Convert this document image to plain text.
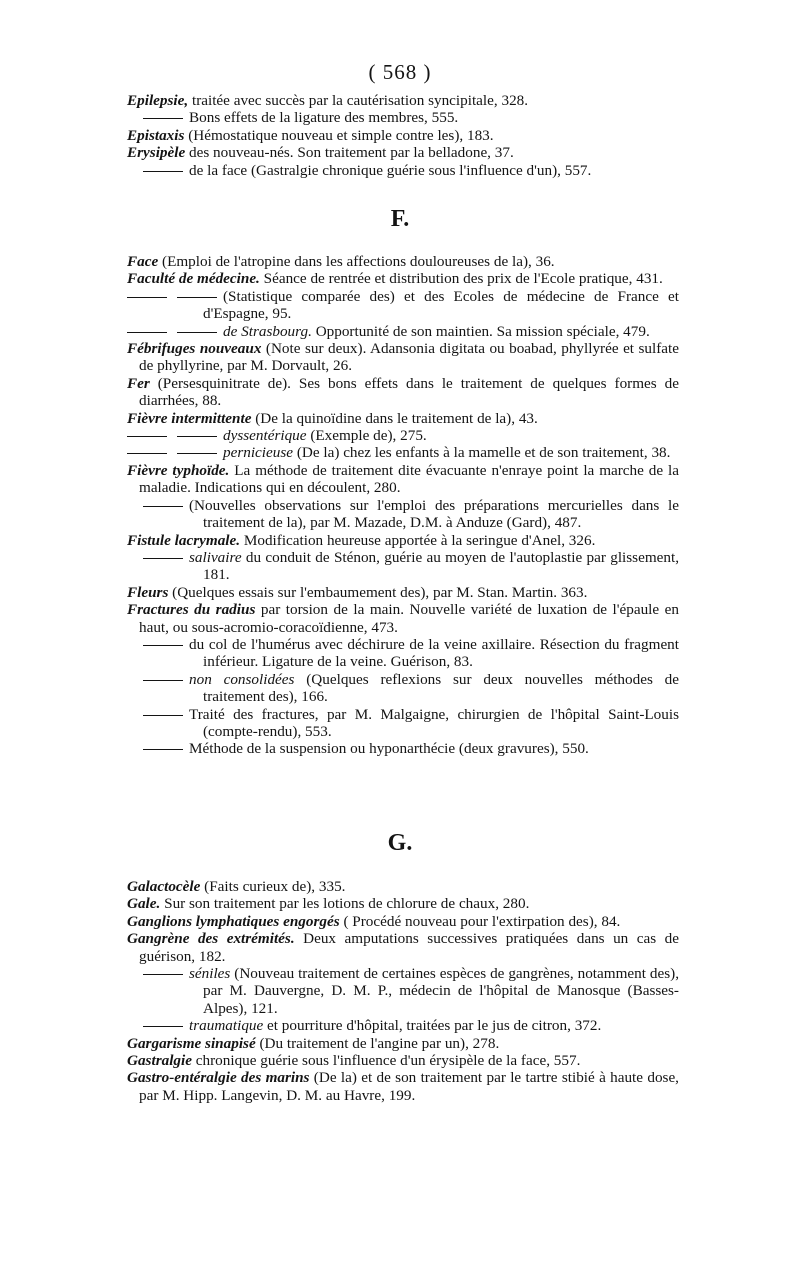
( 568 )

Epilepsie, traitée avec succès par la cautérisation syncipitale, 328.

Bons effets de la ligature des membres, 555.

Epistaxis (Hémostatique nouveau et simple contre les), 183.

Erysipèle des nouveau-nés. Son traitement par la belladone, 37.

de la face (Gastralgie chronique guérie sous l'influence d'un), 557.

F.

Face (Emploi de l'atropine dans les affections douloureuses de la), 36.

Faculté de médecine. Séance de rentrée et distribution des prix de l'Ecole pratique, 431.

(Statistique comparée des) et des Ecoles de médecine de France et d'Espagne, 95.

de Strasbourg. Opportunité de son maintien. Sa mission spéciale, 479.

Fébrifuges nouveaux (Note sur deux). Adansonia digitata ou boabad, phyllyrée et sulfate de phyllyrine, par M. Dorvault, 26.

Fer (Persesquinitrate de). Ses bons effets dans le traitement de quelques formes de diarrhées, 88.

Fièvre intermittente (De la quinoïdine dans le traitement de la), 43.

dyssentérique (Exemple de), 275.

pernicieuse (De la) chez les enfants à la mamelle et de son traitement, 38.

Fièvre typhoïde. La méthode de traitement dite évacuante n'enraye point la marche de la maladie. Indications qui en découlent, 280.

(Nouvelles observations sur l'emploi des préparations mercurielles dans le traitement de la), par M. Mazade, D.M. à Anduze (Gard), 487.

Fistule lacrymale. Modification heureuse apportée à la seringue d'Anel, 326.

salivaire du conduit de Sténon, guérie au moyen de l'autoplastie par glissement, 181.

Fleurs (Quelques essais sur l'embaumement des), par M. Stan. Martin. 363.

Fractures du radius par torsion de la main. Nouvelle variété de luxation de l'épaule en haut, ou sous-acromio-coracoïdienne, 473.

du col de l'humérus avec déchirure de la veine axillaire. Résection du fragment inférieur. Ligature de la veine. Guérison, 83.

non consolidées (Quelques reflexions sur deux nouvelles méthodes de traitement des), 166.

Traité des fractures, par M. Malgaigne, chirurgien de l'hôpital Saint-Louis (compte-rendu), 553.

Méthode de la suspension ou hyponarthécie (deux gravures), 550.

G.

Galactocèle (Faits curieux de), 335.

Gale. Sur son traitement par les lotions de chlorure de chaux, 280.

Ganglions lymphatiques engorgés ( Procédé nouveau pour l'extirpation des), 84.

Gangrène des extrémités. Deux amputations successives pratiquées dans un cas de guérison, 182.

séniles (Nouveau traitement de certaines espèces de gangrènes, notamment des), par M. Dauvergne, D. M. P., médecin de l'hôpital de Manosque (Basses-Alpes), 121.

traumatique et pourriture d'hôpital, traitées par le jus de citron, 372.

Gargarisme sinapisé (Du traitement de l'angine par un), 278.

Gastralgie chronique guérie sous l'influence d'un érysipèle de la face, 557.

Gastro-entéralgie des marins (De la) et de son traitement par le tartre stibié à haute dose, par M. Hipp. Langevin, D. M. au Havre, 199.
